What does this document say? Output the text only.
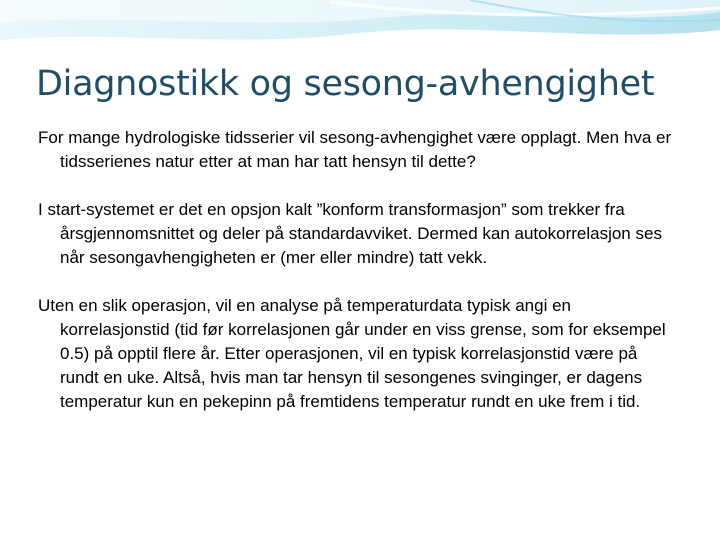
Diagnostikk og sesong-avhengighet

For mange hydrologiske tidsserier vil sesong-avhengighet være opplagt. Men hva er tidsserienes natur etter at man har tatt hensyn til dette?

I start-systemet er det en opsjon kalt ”konform transformasjon” som trekker fra årsgjennomsnittet og deler på standardavviket. Dermed kan autokorrelasjon ses når sesongavhengigheten er (mer eller mindre) tatt vekk.

Uten en slik operasjon, vil en analyse på temperaturdata typisk angi en korrelasjonstid (tid før korrelasjonen går under en viss grense, som for eksempel 0.5) på opptil flere år. Etter operasjonen, vil en typisk korrelasjonstid være på rundt en uke. Altså, hvis man tar hensyn til sesongenes svinginger, er dagens temperatur kun en pekepinn på fremtidens temperatur rundt en uke frem i tid.
